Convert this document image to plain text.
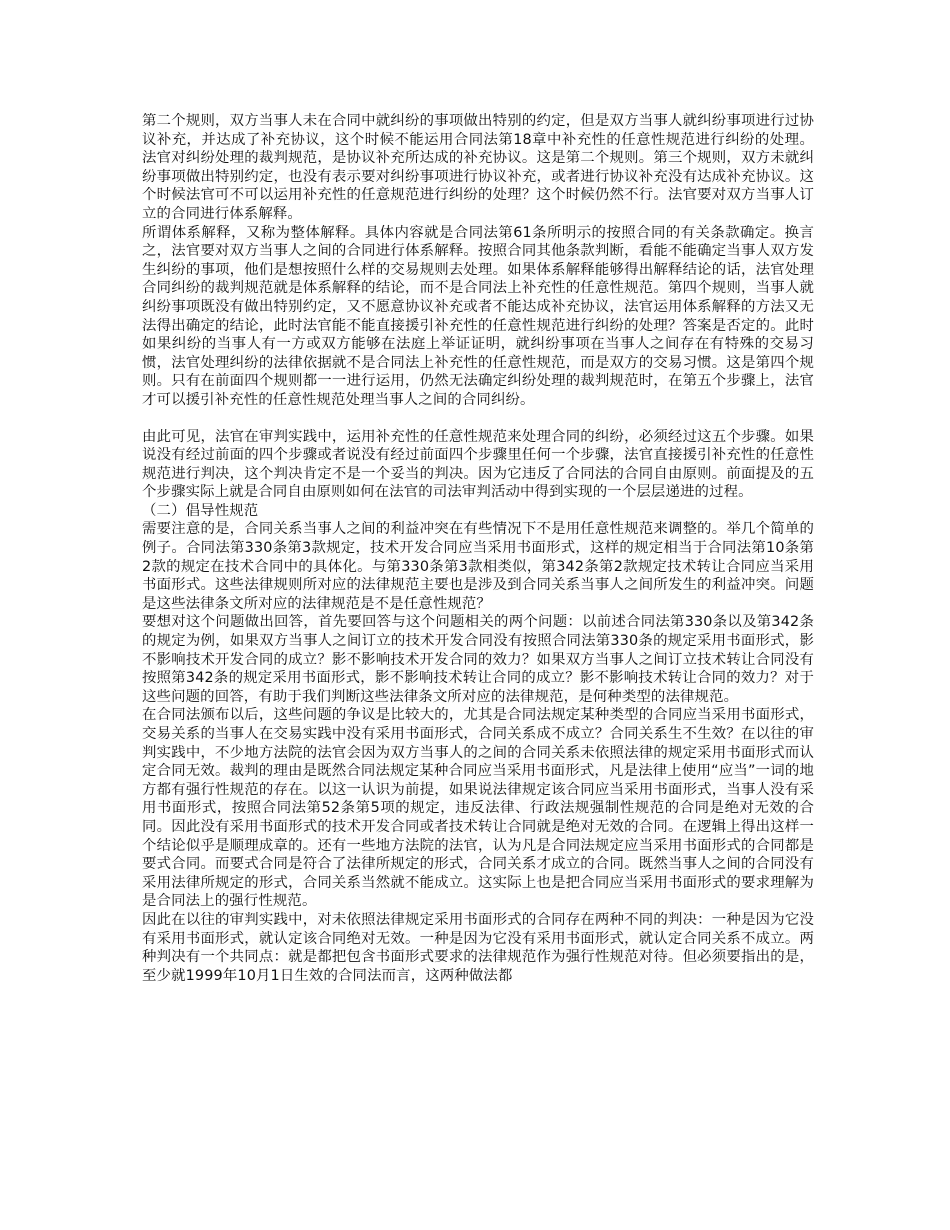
第二个规则，双方当事人未在合同中就纠纷的事项做出特别的约定，但是双方当事人就纠纷事项进行过协议补充，并达成了补充协议，这个时候不能运用合同法第18章中补充性的任意性规范进行纠纷的处理。法官对纠纷处理的裁判规范，是协议补充所达成的补充协议。这是第二个规则。第三个规则，双方未就纠纷事项做出特别约定，也没有表示要对纠纷事项进行协议补充，或者进行协议补充没有达成补充协议。这个时候法官可不可以运用补充性的任意规范进行纠纷的处理？这个时候仍然不行。法官要对双方当事人订立的合同进行体系解释。

所谓体系解释，又称为整体解释。具体内容就是合同法第61条所明示的按照合同的有关条款确定。换言之，法官要对双方当事人之间的合同进行体系解释。按照合同其他条款判断，看能不能确定当事人双方发生纠纷的事项，他们是想按照什么样的交易规则去处理。如果体系解释能够得出解释结论的话，法官处理合同纠纷的裁判规范就是体系解释的结论，而不是合同法上补充性的任意性规范。第四个规则，当事人就纠纷事项既没有做出特别约定，又不愿意协议补充或者不能达成补充协议，法官运用体系解释的方法又无法得出确定的结论，此时法官能不能直接援引补充性的任意性规范进行纠纷的处理？答案是否定的。此时如果纠纷的当事人有一方或双方能够在法庭上举证证明，就纠纷事项在当事人之间存在有特殊的交易习惯，法官处理纠纷的法律依据就不是合同法上补充性的任意性规范，而是双方的交易习惯。这是第四个规则。只有在前面四个规则都一一进行运用，仍然无法确定纠纷处理的裁判规范时，在第五个步骤上，法官才可以援引补充性的任意性规范处理当事人之间的合同纠纷。

由此可见，法官在审判实践中，运用补充性的任意性规范来处理合同的纠纷，必须经过这五个步骤。如果说没有经过前面的四个步骤或者说没有经过前面四个步骤里任何一个步骤，法官直接援引补充性的任意性规范进行判决，这个判决肯定不是一个妥当的判决。因为它违反了合同法的合同自由原则。前面提及的五个步骤实际上就是合同自由原则如何在法官的司法审判活动中得到实现的一个层层递进的过程。

（二）倡导性规范

需要注意的是，合同关系当事人之间的利益冲突在有些情况下不是用任意性规范来调整的。举几个简单的例子。合同法第330条第3款规定，技术开发合同应当采用书面形式，这样的规定相当于合同法第10条第2款的规定在技术合同中的具体化。与第330条第3款相类似，第342条第2款规定技术转让合同应当采用书面形式。这些法律规则所对应的法律规范主要也是涉及到合同关系当事人之间所发生的利益冲突。问题是这些法律条文所对应的法律规范是不是任意性规范？

要想对这个问题做出回答，首先要回答与这个问题相关的两个问题：以前述合同法第330条以及第342条的规定为例，如果双方当事人之间订立的技术开发合同没有按照合同法第330条的规定采用书面形式，影不影响技术开发合同的成立？影不影响技术开发合同的效力？如果双方当事人之间订立技术转让合同没有按照第342条的规定采用书面形式，影不影响技术转让合同的成立？影不影响技术转让合同的效力？对于这些问题的回答，有助于我们判断这些法律条文所对应的法律规范，是何种类型的法律规范。

在合同法颁布以后，这些问题的争议是比较大的，尤其是合同法规定某种类型的合同应当采用书面形式，交易关系的当事人在交易实践中没有采用书面形式，合同关系成不成立？合同关系生不生效？在以往的审判实践中，不少地方法院的法官会因为双方当事人的之间的合同关系未依照法律的规定采用书面形式而认定合同无效。裁判的理由是既然合同法规定某种合同应当采用书面形式，凡是法律上使用“应当”一词的地方都有强行性规范的存在。以这一认识为前提，如果说法律规定该合同应当采用书面形式，当事人没有采用书面形式，按照合同法第52条第5项的规定，违反法律、行政法规强制性规范的合同是绝对无效的合同。因此没有采用书面形式的技术开发合同或者技术转让合同就是绝对无效的合同。在逻辑上得出这样一个结论似乎是顺理成章的。还有一些地方法院的法官，认为凡是合同法规定应当采用书面形式的合同都是要式合同。而要式合同是符合了法律所规定的形式，合同关系才成立的合同。既然当事人之间的合同没有采用法律所规定的形式，合同关系当然就不能成立。这实际上也是把合同应当采用书面形式的要求理解为是合同法上的强行性规范。

因此在以往的审判实践中，对未依照法律规定采用书面形式的合同存在两种不同的判决：一种是因为它没有采用书面形式，就认定该合同绝对无效。一种是因为它没有采用书面形式，就认定合同关系不成立。两种判决有一个共同点：就是都把包含书面形式要求的法律规范作为强行性规范对待。但必须要指出的是，至少就1999年10月1日生效的合同法而言，这两种做法都
